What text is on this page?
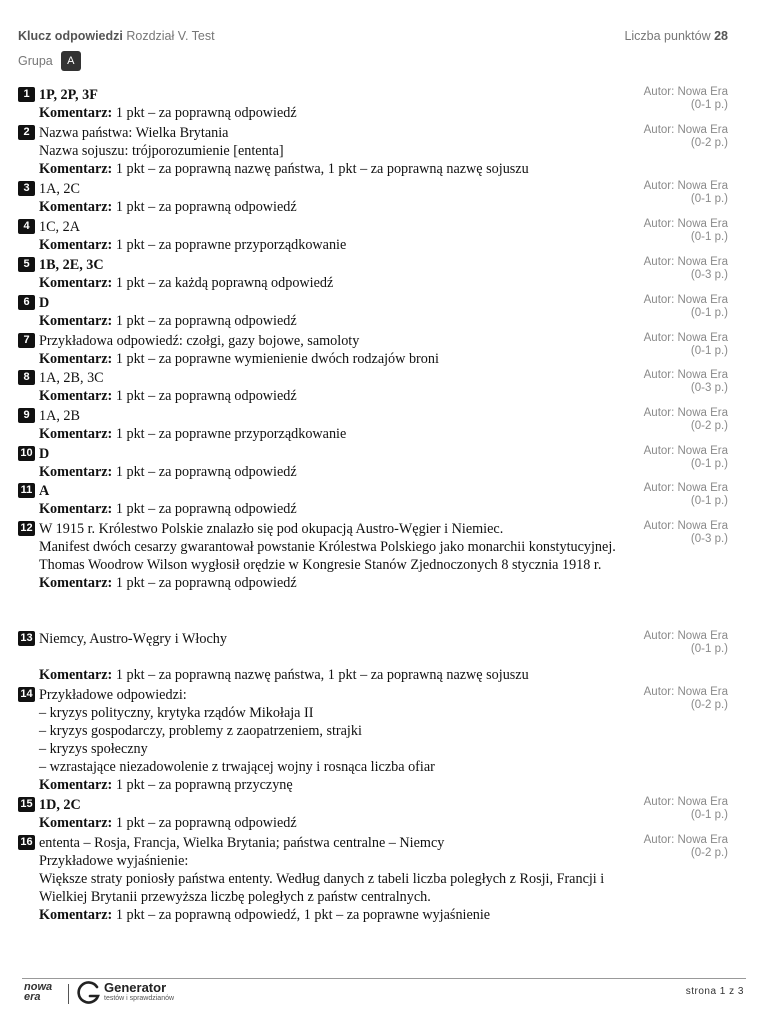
Klucz odpowiedzi Rozdział V. Test	Liczba punktów 28
Grupa	A
1 1P, 2P, 3F
Komentarz: 1 pkt – za poprawną odpowiedź
Autor: Nowa Era
(0-1 p.)
2 Nazwa państwa: Wielka Brytania
Nazwa sojuszu: trójporozumienie [ententa]
Komentarz: 1 pkt – za poprawną nazwę państwa, 1 pkt – za poprawną nazwę sojuszu
Autor: Nowa Era
(0-2 p.)
3 1A, 2C
Komentarz: 1 pkt – za poprawną odpowiedź
Autor: Nowa Era
(0-1 p.)
4 1C, 2A
Komentarz: 1 pkt – za poprawne przyporządkowanie
Autor: Nowa Era
(0-1 p.)
5 1B, 2E, 3C
Komentarz: 1 pkt – za każdą poprawną odpowiedź
Autor: Nowa Era
(0-3 p.)
6 D
Komentarz: 1 pkt – za poprawną odpowiedź
Autor: Nowa Era
(0-1 p.)
7 Przykładowa odpowiedź: czołgi, gazy bojowe, samoloty
Komentarz: 1 pkt – za poprawne wymienienie dwóch rodzajów broni
Autor: Nowa Era
(0-1 p.)
8 1A, 2B, 3C
Komentarz: 1 pkt – za poprawną odpowiedź
Autor: Nowa Era
(0-3 p.)
9 1A, 2B
Komentarz: 1 pkt – za poprawne przyporządkowanie
Autor: Nowa Era
(0-2 p.)
10 D
Komentarz: 1 pkt – za poprawną odpowiedź
Autor: Nowa Era
(0-1 p.)
11 A
Komentarz: 1 pkt – za poprawną odpowiedź
Autor: Nowa Era
(0-1 p.)
12 W 1915 r. Królestwo Polskie znalazło się pod okupacją Austro-Węgier i Niemiec.
Manifest dwóch cesarzy gwarantował powstanie Królestwa Polskiego jako monarchii konstytucyjnej.
Thomas Woodrow Wilson wygłosił orędzie w Kongresie Stanów Zjednoczonych 8 stycznia 1918 r.
Komentarz: 1 pkt – za poprawną odpowiedź
Autor: Nowa Era
(0-3 p.)
13 Niemcy, Austro-Węgry i Włochy
Komentarz: 1 pkt – za poprawną nazwę państwa, 1 pkt – za poprawną nazwę sojuszu
Autor: Nowa Era
(0-1 p.)
14 Przykładowe odpowiedzi:
– kryzys polityczny, krytyka rządów Mikołaja II
– kryzys gospodarczy, problemy z zaopatrzeniem, strajki
– kryzys społeczny
– wzrastające niezadowolenie z trwającej wojny i rosnąca liczba ofiar
Komentarz: 1 pkt – za poprawną przyczynę
Autor: Nowa Era
(0-2 p.)
15 1D, 2C
Komentarz: 1 pkt – za poprawną odpowiedź
Autor: Nowa Era
(0-1 p.)
16 ententa – Rosja, Francja, Wielka Brytania; państwa centralne – Niemcy
Przykładowe wyjaśnienie:
Większe straty poniosły państwa ententy. Według danych z tabeli liczba poległych z Rosji, Francji i Wielkiej Brytanii przewyższa liczbę poległych z państw centralnych.
Komentarz: 1 pkt – za poprawną odpowiedź, 1 pkt – za poprawne wyjaśnienie
Autor: Nowa Era
(0-2 p.)
nowa
era
Generator
testów i sprawdzianów
strona 1 z 3
